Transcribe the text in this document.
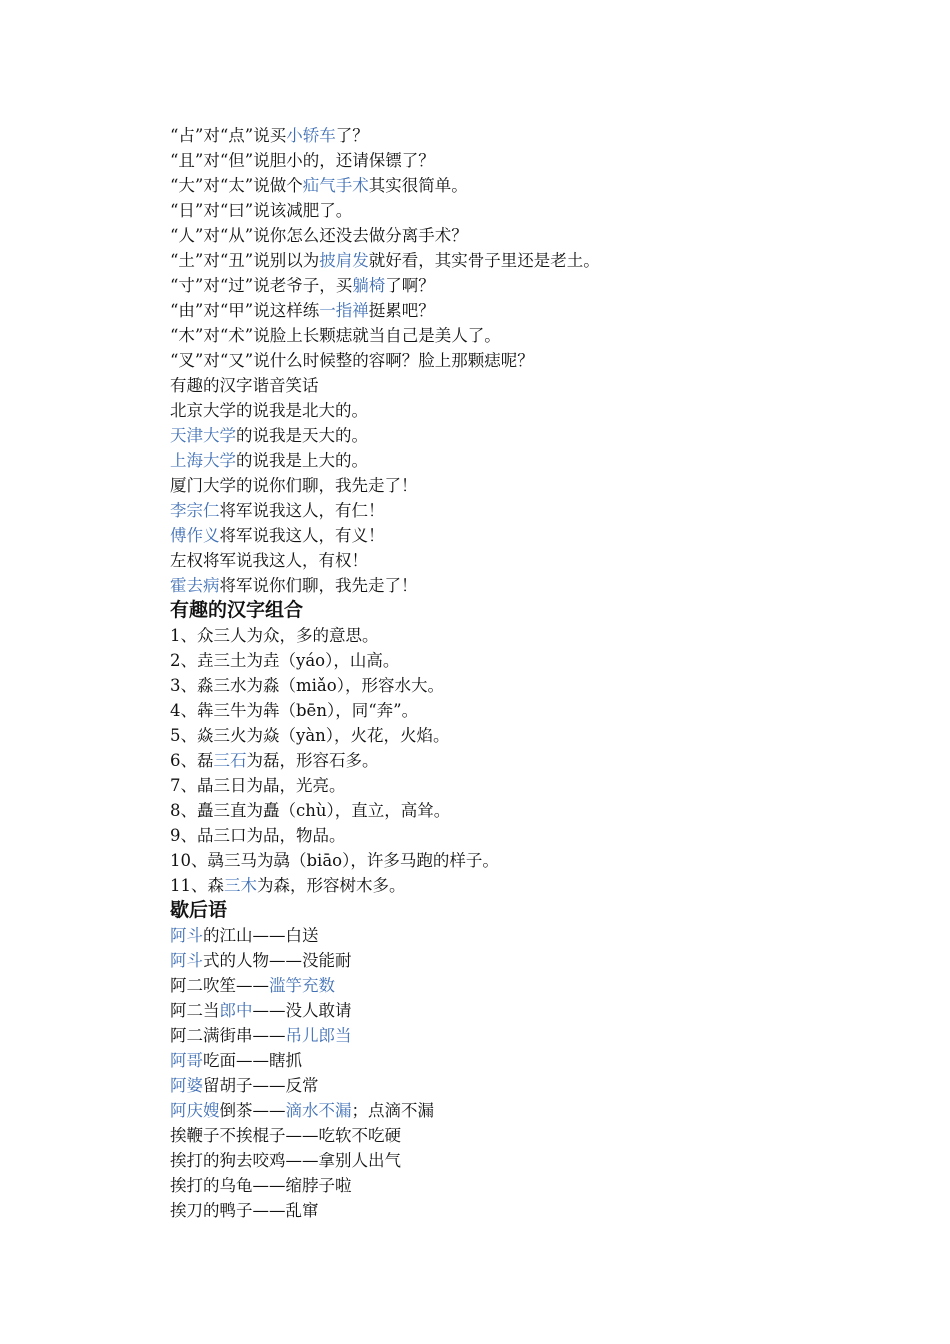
“占”对“点”说买小轿车了？
“且”对“但”说胆小的，还请保镖了？
“大”对“太”说做个疝气手术其实很简单。
“日”对“曰”说该减肥了。
“人”对“从”说你怎么还没去做分离手术？
“土”对“丑”说别以为披肩发就好看，其实骨子里还是老土。
“寸”对“过”说老爷子，买躺椅了啊？
“由”对“甲”说这样练一指禅挺累吧？
“木”对“术”说脸上长颗痣就当自己是美人了。
“叉”对“又”说什么时候整的容啊？脸上那颗痣呢？
有趣的汉字谐音笑话
北京大学的说我是北大的。
天津大学的说我是天大的。
上海大学的说我是上大的。
厦门大学的说你们聊，我先走了！
李宗仁将军说我这人，有仁！
傅作义将军说我这人，有义！
左权将军说我这人，有权！
霍去病将军说你们聊，我先走了！
有趣的汉字组合
1、众三人为众，多的意思。
2、垚三土为垚（yáo），山高。
3、淼三水为淼（miǎo），形容水大。
4、犇三牛为犇（bēn），同“奔”。
5、焱三火为焱（yàn），火花，火焰。
6、磊三石为磊，形容石多。
7、晶三日为晶，光亮。
8、矗三直为矗（chù），直立，高耸。
9、品三口为品，物品。
10、骉三马为骉（biāo），许多马跑的样子。
11、森三木为森，形容树木多。
歇后语
阿斗的江山——白送
阿斗式的人物——没能耐
阿二吹笙——滥竽充数
阿二当郎中——没人敢请
阿二满街串——吊儿郎当
阿哥吃面——瞎抓
阿婆留胡子——反常
阿庆嫂倒茶——滴水不漏；点滴不漏
挨鞭子不挨棍子——吃软不吃硬
挨打的狗去咬鸡——拿别人出气
挨打的乌龟——缩脖子啦
挨刀的鸭子——乱窜
